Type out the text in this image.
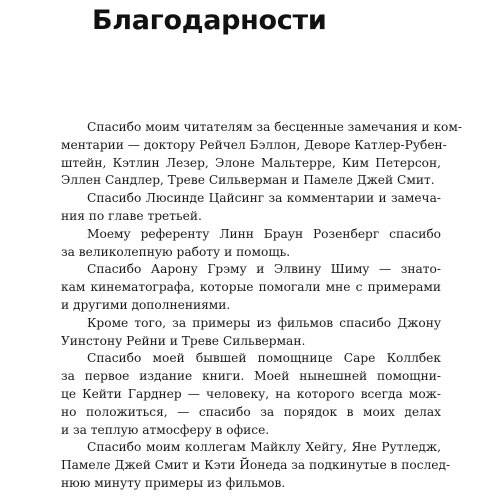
Благодарности
Спасибо моим читателям за бесценные замечания и ком-
ментарии — доктору Рейчел Бэллон, Деворе Катлер-Рубен-
штейн, Кэтлин Лезер, Элоне Мальтерре, Ким Петерсон,
Эллен Сандлер, Треве Сильверман и Памеле Джей Смит.
Спасибо Люсинде Цайсинг за комментарии и замеча-
ния по главе третьей.
Моему референту Линн Браун Розенберг спасибо
за великолепную работу и помощь.
Спасибо Аарону Грэму и Элвину Шиму — знато-
кам кинематографа, которые помогали мне с примерами
и другими дополнениями.
Кроме того, за примеры из фильмов спасибо Джону
Уинстону Рейни и Треве Сильверман.
Спасибо моей бывшей помощнице Саре Коллбек
за первое издание книги. Моей нынешней помощни-
це Кейти Гарднер — человеку, на которого всегда мож-
но положиться, — спасибо за порядок в моих делах
и за теплую атмосферу в офисе.
Спасибо моим коллегам Майклу Хейгу, Яне Рутледж,
Памеле Джей Смит и Кэти Йонеда за подкинутые в послед-
нюю минуту примеры из фильмов.
